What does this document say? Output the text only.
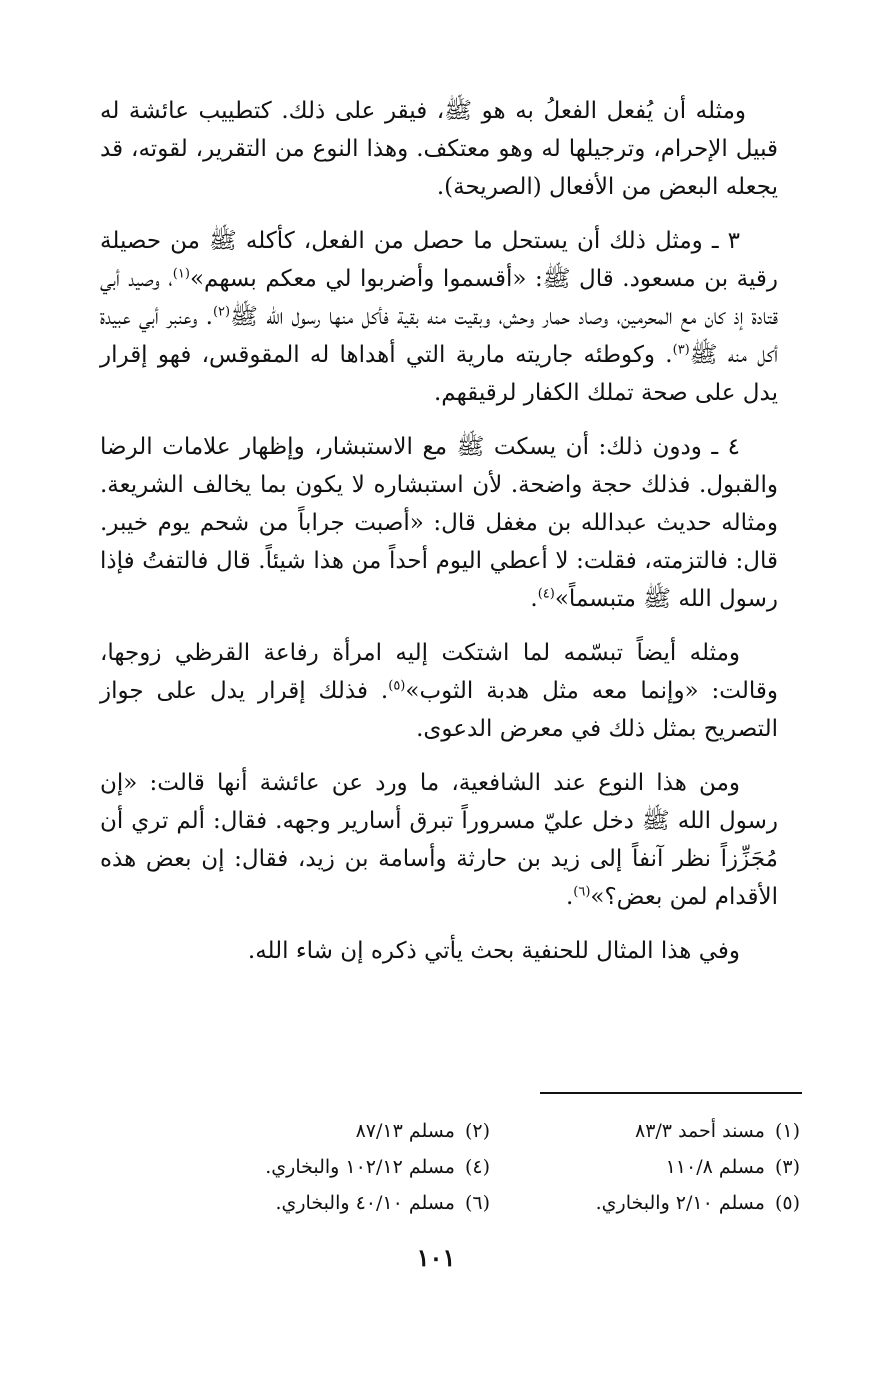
ومثله أن يُفعل الفعلُ به هو ﷺ، فيقر على ذلك. كتطييب عائشة له قبيل الإحرام، وترجيلها له وهو معتكف. وهذا النوع من التقرير، لقوته، قد يجعله البعض من الأفعال (الصريحة).

٣ ـ ومثل ذلك أن يستحل ما حصل من الفعل، كأكله ﷺ من حصيلة رقية بن مسعود. قال ﷺ: «أقسموا وأضربوا لي معكم بسهم»$^{(١)}$، وصيد أبي قتادة إذ كان مع المحرمين، وصاد حمار وحش، وبقيت منه بقية فأكل منها رسول الله ﷺ$^{(٢)}$. وعنبر أبي عبيدة أكل منه ﷺ$^{(٣)}$. وكوطئه جاريته مارية التي أهداها له المقوقس، فهو إقرار يدل على صحة تملك الكفار لرقيقهم.

٤ ـ ودون ذلك: أن يسكت ﷺ مع الاستبشار، وإظهار علامات الرضا والقبول. فذلك حجة واضحة. لأن استبشاره لا يكون بما يخالف الشريعة. ومثاله حديث عبدالله بن مغفل قال: «أصبت جراباً من شحم يوم خيبر. قال: فالتزمته، فقلت: لا أعطي اليوم أحداً من هذا شيئاً. قال فالتفتُ فإذا رسول الله ﷺ متبسماً»$^{(٤)}$.

ومثله أيضاً تبسّمه لما اشتكت إليه امرأة رفاعة القرظي زوجها، وقالت: «وإنما معه مثل هدبة الثوب»$^{(٥)}$. فذلك إقرار يدل على جواز التصريح بمثل ذلك في معرض الدعوى.

ومن هذا النوع عند الشافعية، ما ورد عن عائشة أنها قالت: «إن رسول الله ﷺ دخل عليّ مسروراً تبرق أسارير وجهه. فقال: ألم تري أن مُجَزِّزاً نظر آنفاً إلى زيد بن حارثة وأسامة بن زيد، فقال: إن بعض هذه الأقدام لمن بعض؟»$^{(٦)}$.

وفي هذا المثال للحنفية بحث يأتي ذكره إن شاء الله.

(١)مسند أحمد ٨٣/٣
(٢)مسلم ٨٧/١٣
(٣)مسلم ١١٠/٨
(٤)مسلم ١٠٢/١٢ والبخاري.
(٥)مسلم ٢/١٠ والبخاري.
(٦)مسلم ٤٠/١٠ والبخاري.
١٠١
